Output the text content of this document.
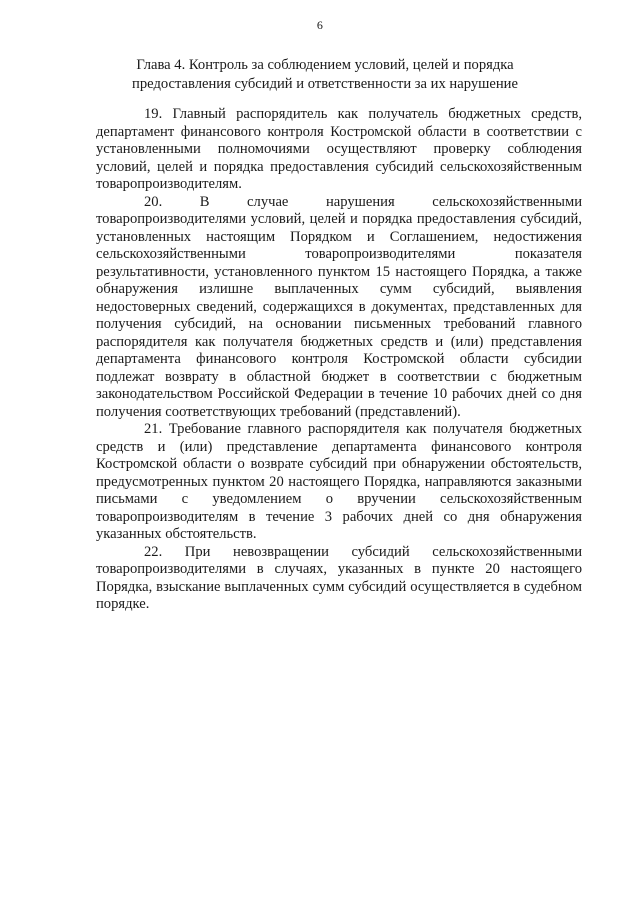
6
Глава 4. Контроль за соблюдением условий, целей и порядка
предоставления субсидий и ответственности за их нарушение

19. Главный распорядитель как получатель бюджетных средств, департамент финансового контроля Костромской области в соответствии с установленными полномочиями осуществляют проверку соблюдения условий, целей и порядка предоставления субсидий сельскохозяйственным товаропроизводителям.

20. В случае нарушения сельскохозяйственными товаропроизводителями условий, целей и порядка предоставления субсидий, установленных настоящим Порядком и Соглашением, недостижения сельскохозяйственными товаропроизводителями показателя результативности, установленного пунктом 15 настоящего Порядка, а также обнаружения излишне выплаченных сумм субсидий, выявления недостоверных сведений, содержащихся в документах, представленных для получения субсидий, на основании письменных требований главного распорядителя как получателя бюджетных средств и (или) представления департамента финансового контроля Костромской области субсидии подлежат возврату в областной бюджет в соответствии с бюджетным законодательством Российской Федерации в течение 10 рабочих дней со дня получения соответствующих требований (представлений).

21. Требование главного распорядителя как получателя бюджетных средств и (или) представление департамента финансового контроля Костромской области о возврате субсидий при обнаружении обстоятельств, предусмотренных пунктом 20 настоящего Порядка, направляются заказными письмами с уведомлением о вручении сельскохозяйственным товаропроизводителям в течение 3 рабочих дней со дня обнаружения указанных обстоятельств.

22. При невозвращении субсидий сельскохозяйственными товаропроизводителями в случаях, указанных в пункте 20 настоящего Порядка, взыскание выплаченных сумм субсидий осуществляется в судебном порядке.
